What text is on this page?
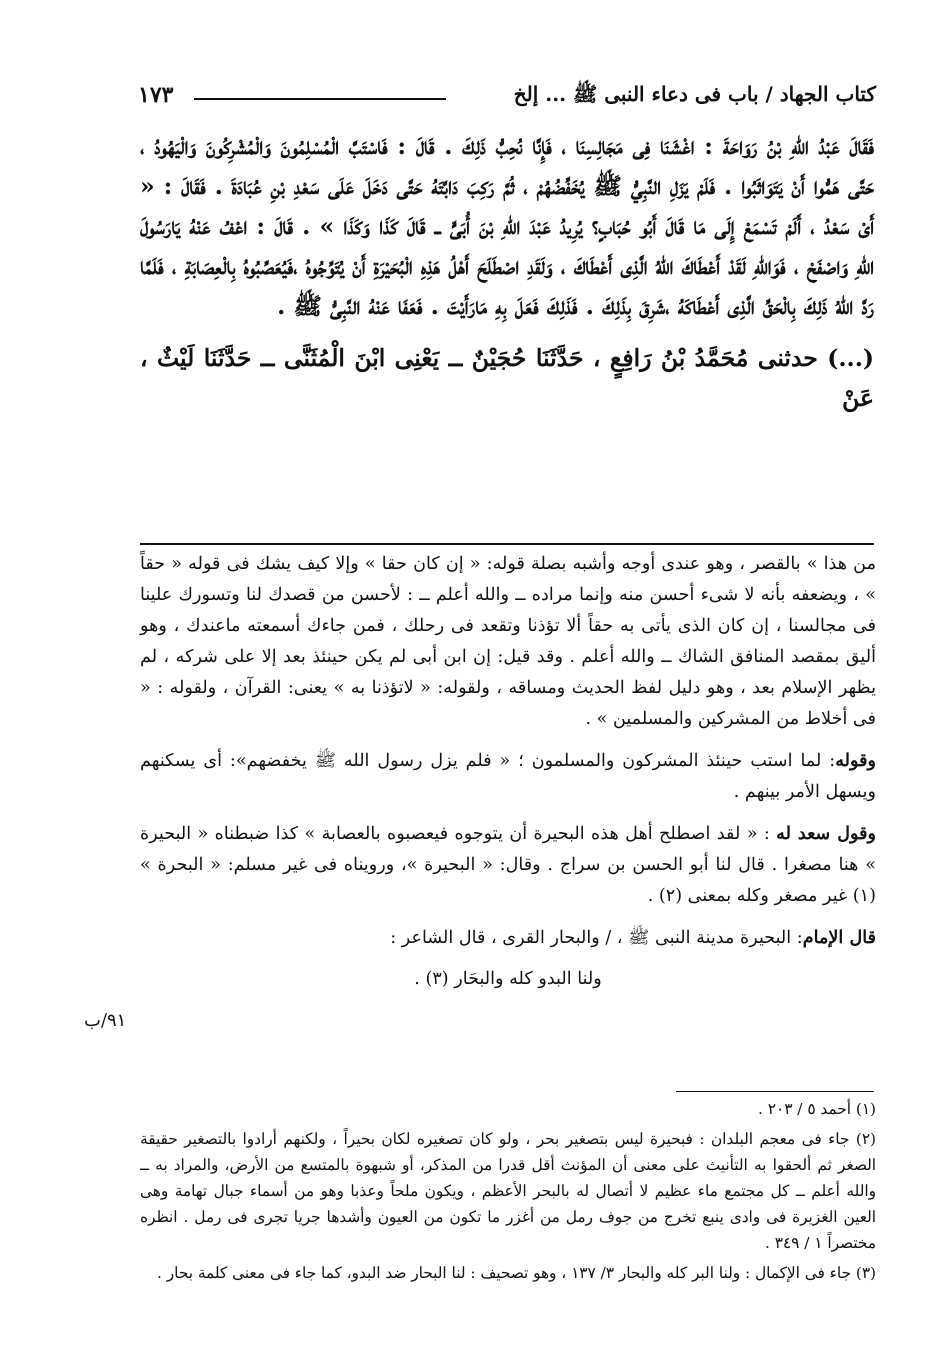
١٧٣	كتاب الجهاد / باب فى دعاء النبى ﷺ ... إلخ

فَقَالَ عَبْدُ اللهِ بْنُ رَوَاحَةَ : اغْشَنَا فِى مَجَالِسِنَا ، فَإِنَّا نُحِبُّ ذَلِكَ . قَالَ : فَاسْتَبَّ الْمُسْلِمُونَ وَالْمُشْرِكُونَ وَالْيَهُودُ ، حَتَّى هَمُّوا أَنْ يَتَوَاثَبُوا . فَلَمْ يَزَلِ النَّبِيُّ ﷺ يُخَفِّضُهُمْ ، ثُمَّ رَكِبَ دَابَّتَهُ حَتَّى دَخَلَ عَلَى سَعْدِ بْنِ عُبَادَةَ . فَقَالَ : « أَىْ سَعْدُ ، أَلَمْ تَسْمَعْ إِلَى مَا قَالَ أَبُو حُبَابٍ؟ يُرِيدُ عَبْدَ اللهِ بْنَ أُبَىٍّ ــ قَالَ كَذَا وَكَذَا » . قَالَ : اعْفُ عَنْهُ يَارَسُولَ اللهِ وَاصْفَحْ ، فَوَاللهِ لَقَدْ أَعْطَاكَ اللهُ الَّذِى أَعْطَاكَ ، وَلَقَدِ اصْطَلَحَ أَهْلُ هَذِهِ الْبُحَيْرَةِ أَنْ يُتَوِّجُوهُ ،فَيُعَصِّبُوهُ بِالْعِصَابَةِ ، فَلَمَّا رَدَّ اللهُ ذَلِكَ بِالْحَقِّ الَّذِى أَعْطَاكَهُ ،شَرِقَ بِذَلِكَ . فَذَلِكَ فَعَلَ بِهِ مَارَأَيْتَ . فَعَفَا عَنْهُ النَّبِىُّ ﷺ .

(...) حدثنى مُحَمَّدُ بْنُ رَافِعٍ ، حَدَّثَنَا حُجَيْنٌ ــ يَعْنِى ابْنَ الْمُثَنَّى ــ حَدَّثَنَا لَيْثٌ ، عَنْ

من هذا » بالقصر ، وهو عندى أوجه وأشبه بصلة قوله: « إن كان حقا » وإلا كيف يشك فى قوله « حقاً » ، ويضعفه بأنه لا شىء أحسن منه وإنما مراده ــ والله أعلم ــ : لأحسن من قصدك لنا وتسورك علينا فى مجالسنا ، إن كان الذى يأتى به حقاً ألا تؤذنا وتقعد فى رحلك ، فمن جاءك أسمعته ماعندك ، وهو أليق بمقصد المنافق الشاك ــ والله أعلم . وقد قيل: إن ابن أبى لم يكن حينئذ بعد إلا على شركه ، لم يظهر الإسلام بعد ، وهو دليل لفظ الحديث ومساقه ، ولقوله: « لاتؤذنا به » يعنى: القرآن ، ولقوله : « فى أخلاط من المشركين والمسلمين » .

وقوله: لما استب حينئذ المشركون والمسلمون ؛ « فلم يزل رسول الله ﷺ يخفضهم»: أى يسكنهم ويسهل الأمر بينهم .

وقول سعد له : « لقد اصطلح أهل هذه البحيرة أن يتوجوه فيعصبوه بالعصابة » كذا ضبطناه « البحيرة » هنا مصغرا . قال لنا أبو الحسن بن سراج . وقال: « البحيرة »، ورويناه فى غير مسلم: « البحرة » (١) غير مصغر وكله بمعنى (٢) .

قال الإمام: البحيرة مدينة النبى ﷺ ، / والبحار القرى ، قال الشاعر :

ولنا البدو كله والبحَار (٣) .

٩١/ب

(١) أحمد ٥ / ٢٠٣ .

(٢) جاء فى معجم البلدان : فبحيرة ليس بتصغير بحر ، ولو كان تصغيره لكان بحيراً ، ولكنهم أرادوا بالتصغير حقيقة الصغر ثم ألحقوا به التأنيث على معنى أن المؤنث أقل قدرا من المذكر، أو شبهوة بالمتسع من الأرض، والمراد به ــ والله أعلم ــ كل مجتمع ماء عظيم لا أتصال له بالبحر الأعظم ، ويكون ملحاً وعذبا وهو من أسماء جبال تهامة وهى العين الغزيرة فى وادى ينبع تخرج من جوف رمل من أغزر ما تكون من العيون وأشدها جريا تجرى فى رمل . انظره مختصراً ١ / ٣٤٩ .

(٣) جاء فى الإكمال : ولنا البر كله والبحار ٣/ ١٣٧ ، وهو تصحيف : لنا البحار ضد البدو، كما جاء فى معنى كلمة بحار .
